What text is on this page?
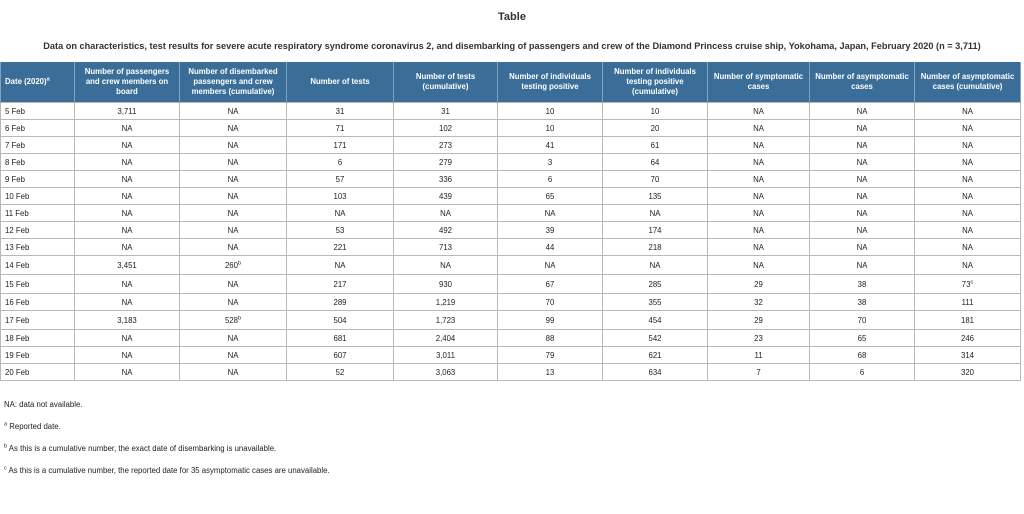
Table
Data on characteristics, test results for severe acute respiratory syndrome coronavirus 2, and disembarking of passengers and crew of the Diamond Princess cruise ship, Yokohama, Japan, February 2020 (n = 3,711)
Date $(2020)^a$	Number of passengers and crew members on board	Number of disembarked passengers and crew members (cumulative)	Number of tests	Number of tests (cumulative)	Number of individuals testing positive	Number of individuals testing positive (cumulative)	Number of symptomatic cases	Number of asymptomatic cases	Number of asymptomatic cases (cumulative)
5 Feb	3,711	NA	31	31	10	10	NA	NA	NA
6 Feb	NA	NA	71	102	10	20	NA	NA	NA
7 Feb	NA	NA	171	273	41	61	NA	NA	NA
8 Feb	NA	NA	6	279	3	64	NA	NA	NA
9 Feb	NA	NA	57	336	6	70	NA	NA	NA
10 Feb	NA	NA	103	439	65	135	NA	NA	NA
11 Feb	NA	NA	NA	NA	NA	NA	NA	NA	NA
12 Feb	NA	NA	53	492	39	174	NA	NA	NA
13 Feb	NA	NA	221	713	44	218	NA	NA	NA
14 Feb	3,451	260$^b$	NA	NA	NA	NA	NA	NA	NA
15 Feb	NA	NA	217	930	67	285	29	38	73$^c$
16 Feb	NA	NA	289	1,219	70	355	32	38	111
17 Feb	3,183	528$^b$	504	1,723	99	454	29	70	181
18 Feb	NA	NA	681	2,404	88	542	23	65	246
19 Feb	NA	NA	607	3,011	79	621	11	68	314
20 Feb	NA	NA	52	3,063	13	634	7	6	320
NA: data not available.
$^a$ Reported date.
$^b$ As this is a cumulative number, the exact date of disembarking is unavailable.
$^c$ As this is a cumulative number, the reported date for 35 asymptomatic cases are unavailable.
